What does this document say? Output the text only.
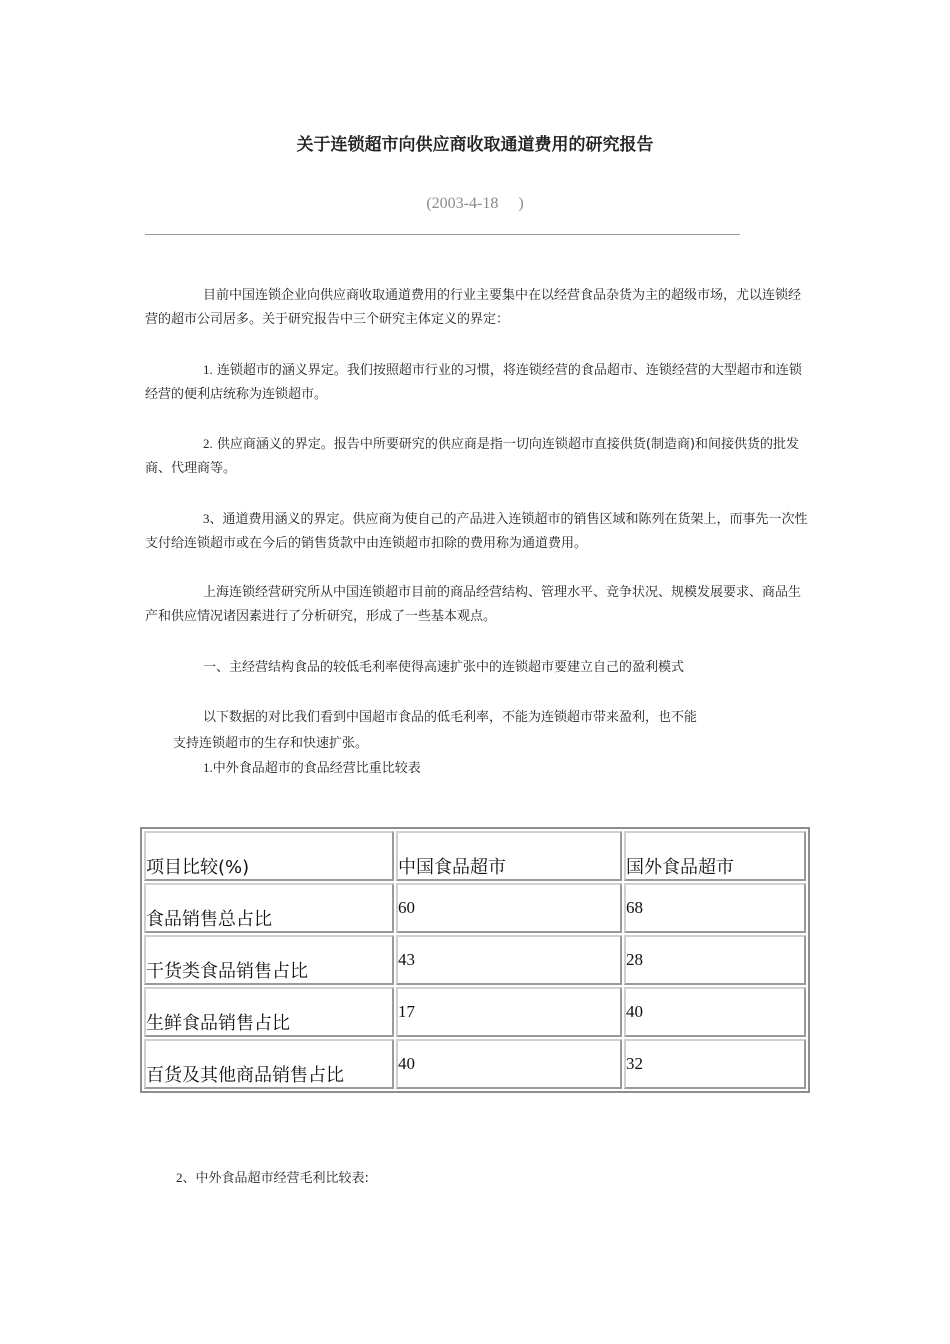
关于连锁超市向供应商收取通道费用的研究报告
(2003-4-18 　)
目前中国连锁企业向供应商收取通道费用的行业主要集中在以经营食品杂货为主的超级市场，尤以连锁经营的超市公司居多。关于研究报告中三个研究主体定义的界定：
1. 连锁超市的涵义界定。我们按照超市行业的习惯，将连锁经营的食品超市、连锁经营的大型超市和连锁经营的便利店统称为连锁超市。
2. 供应商涵义的界定。报告中所要研究的供应商是指一切向连锁超市直接供货(制造商)和间接供货的批发商、代理商等。
3、通道费用涵义的界定。供应商为使自己的产品进入连锁超市的销售区域和陈列在货架上，而事先一次性支付给连锁超市或在今后的销售货款中由连锁超市扣除的费用称为通道费用。
上海连锁经营研究所从中国连锁超市目前的商品经营结构、管理水平、竞争状况、规模发展要求、商品生产和供应情况诸因素进行了分析研究，形成了一些基本观点。
一、主经营结构食品的较低毛利率使得高速扩张中的连锁超市要建立自己的盈利模式
以下数据的对比我们看到中国超市食品的低毛利率，不能为连锁超市带来盈利，也不能
支持连锁超市的生存和快速扩张。
1.中外食品超市的食品经营比重比较表
项目比较(%)	中国食品超市	国外食品超市
食品销售总占比	60	68
干货类食品销售占比	43	28
生鲜食品销售占比	17	40
百货及其他商品销售占比	40	32
2、中外食品超市经营毛利比较表:
